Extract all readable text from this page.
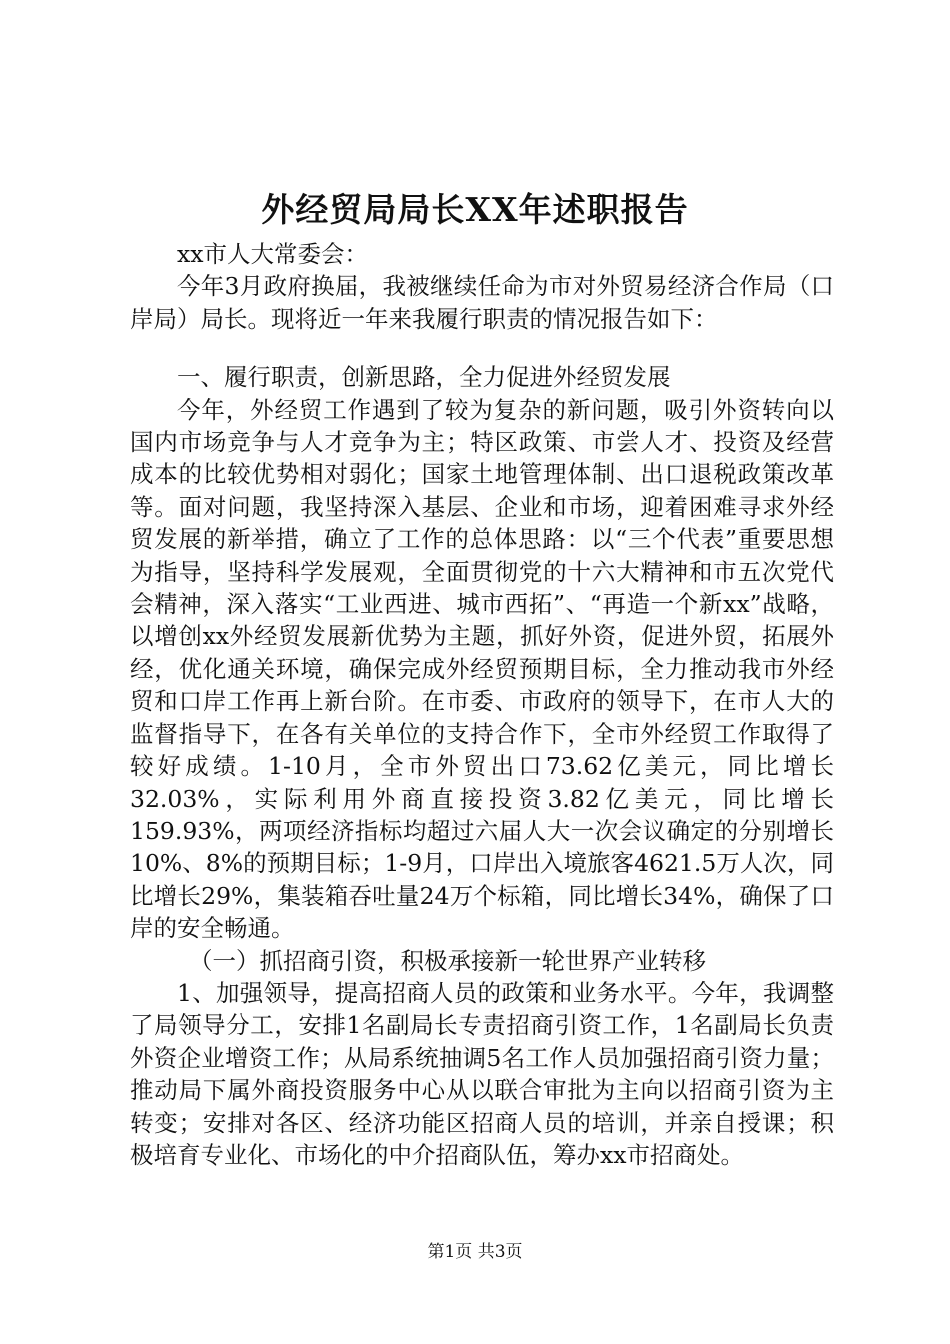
外经贸局局长XX年述职报告

xx市人大常委会：

今年3月政府换届，我被继续任命为市对外贸易经济合作局（口岸局）局长。现将近一年来我履行职责的情况报告如下：

一、履行职责，创新思路，全力促进外经贸发展

今年，外经贸工作遇到了较为复杂的新问题，吸引外资转向以国内市场竞争与人才竞争为主；特区政策、市尝人才、投资及经营成本的比较优势相对弱化；国家土地管理体制、出口退税政策改革等。面对问题，我坚持深入基层、企业和市场，迎着困难寻求外经贸发展的新举措，确立了工作的总体思路：以“三个代表”重要思想为指导，坚持科学发展观，全面贯彻党的十六大精神和市五次党代会精神，深入落实“工业西进、城市西拓”、“再造一个新xx”战略，以增创xx外经贸发展新优势为主题，抓好外资，促进外贸，拓展外经，优化通关环境，确保完成外经贸预期目标，全力推动我市外经贸和口岸工作再上新台阶。在市委、市政府的领导下，在市人大的监督指导下，在各有关单位的支持合作下，全市外经贸工作取得了较好成绩。1-10月，全市外贸出口73.62亿美元，同比增长32.03%，实际利用外商直接投资3.82亿美元，同比增长159.93%，两项经济指标均超过六届人大一次会议确定的分别增长10%、8%的预期目标；1-9月，口岸出入境旅客4621.5万人次，同比增长29%，集装箱吞吐量24万个标箱，同比增长34%，确保了口岸的安全畅通。

（一）抓招商引资，积极承接新一轮世界产业转移

1、加强领导，提高招商人员的政策和业务水平。今年，我调整了局领导分工，安排1名副局长专责招商引资工作，1名副局长负责外资企业增资工作；从局系统抽调5名工作人员加强招商引资力量；推动局下属外商投资服务中心从以联合审批为主向以招商引资为主转变；安排对各区、经济功能区招商人员的培训，并亲自授课；积极培育专业化、市场化的中介招商队伍，筹办xx市招商处。

第1页 共3页
